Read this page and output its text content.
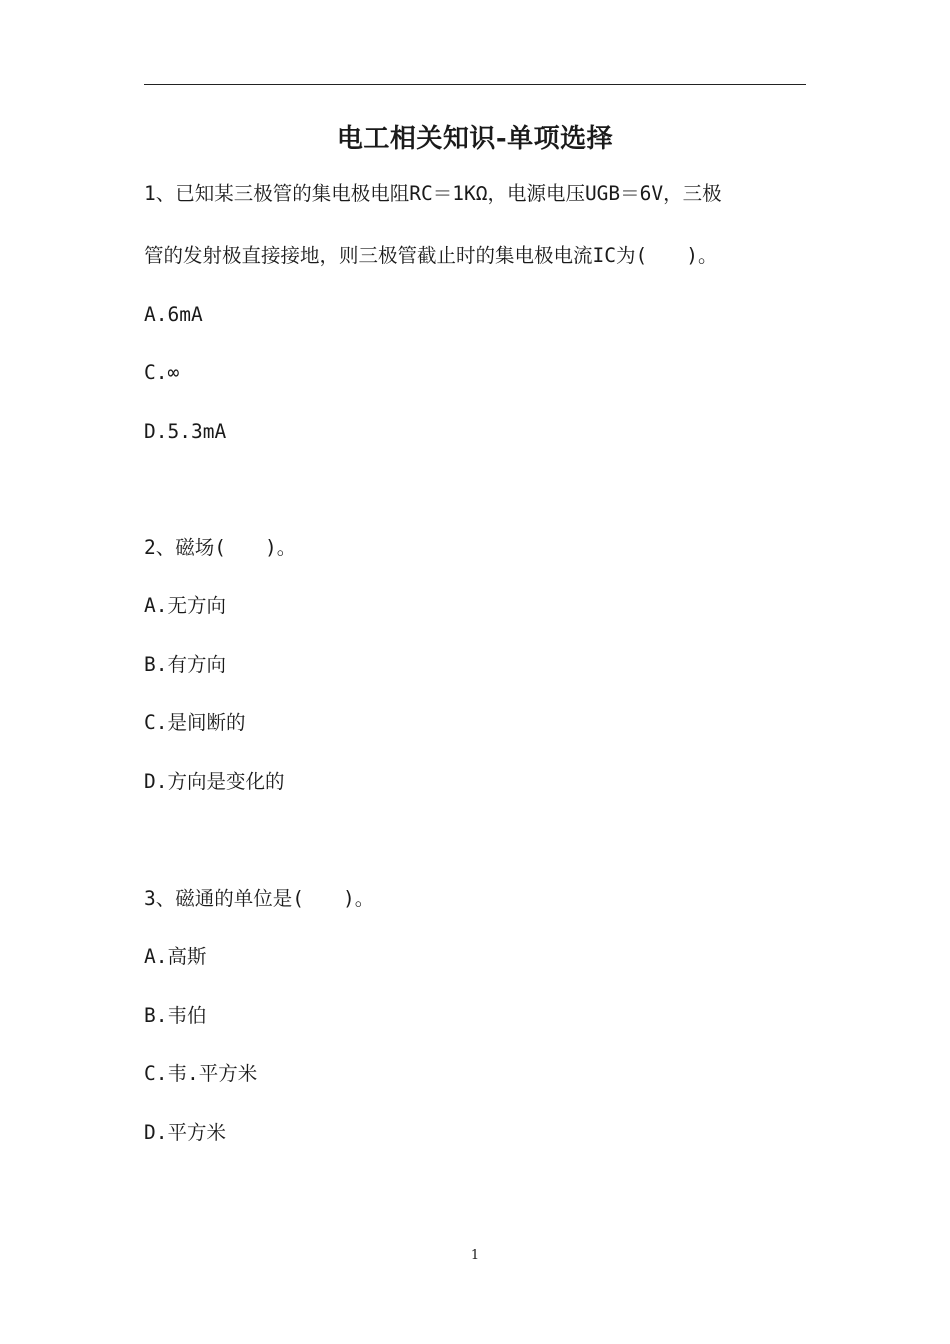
电工相关知识-单项选择
1、已知某三极管的集电极电阻RC＝1KΩ，电源电压UGB＝6V，三极
管的发射极直接接地，则三极管截止时的集电极电流IC为(　　)。
A.6mA
C.∞
D.5.3mA
2、磁场(　　)。
A.无方向
B.有方向
C.是间断的
D.方向是变化的
3、磁通的单位是(　　)。
A.高斯
B.韦伯
C.韦.平方米
D.平方米
1
